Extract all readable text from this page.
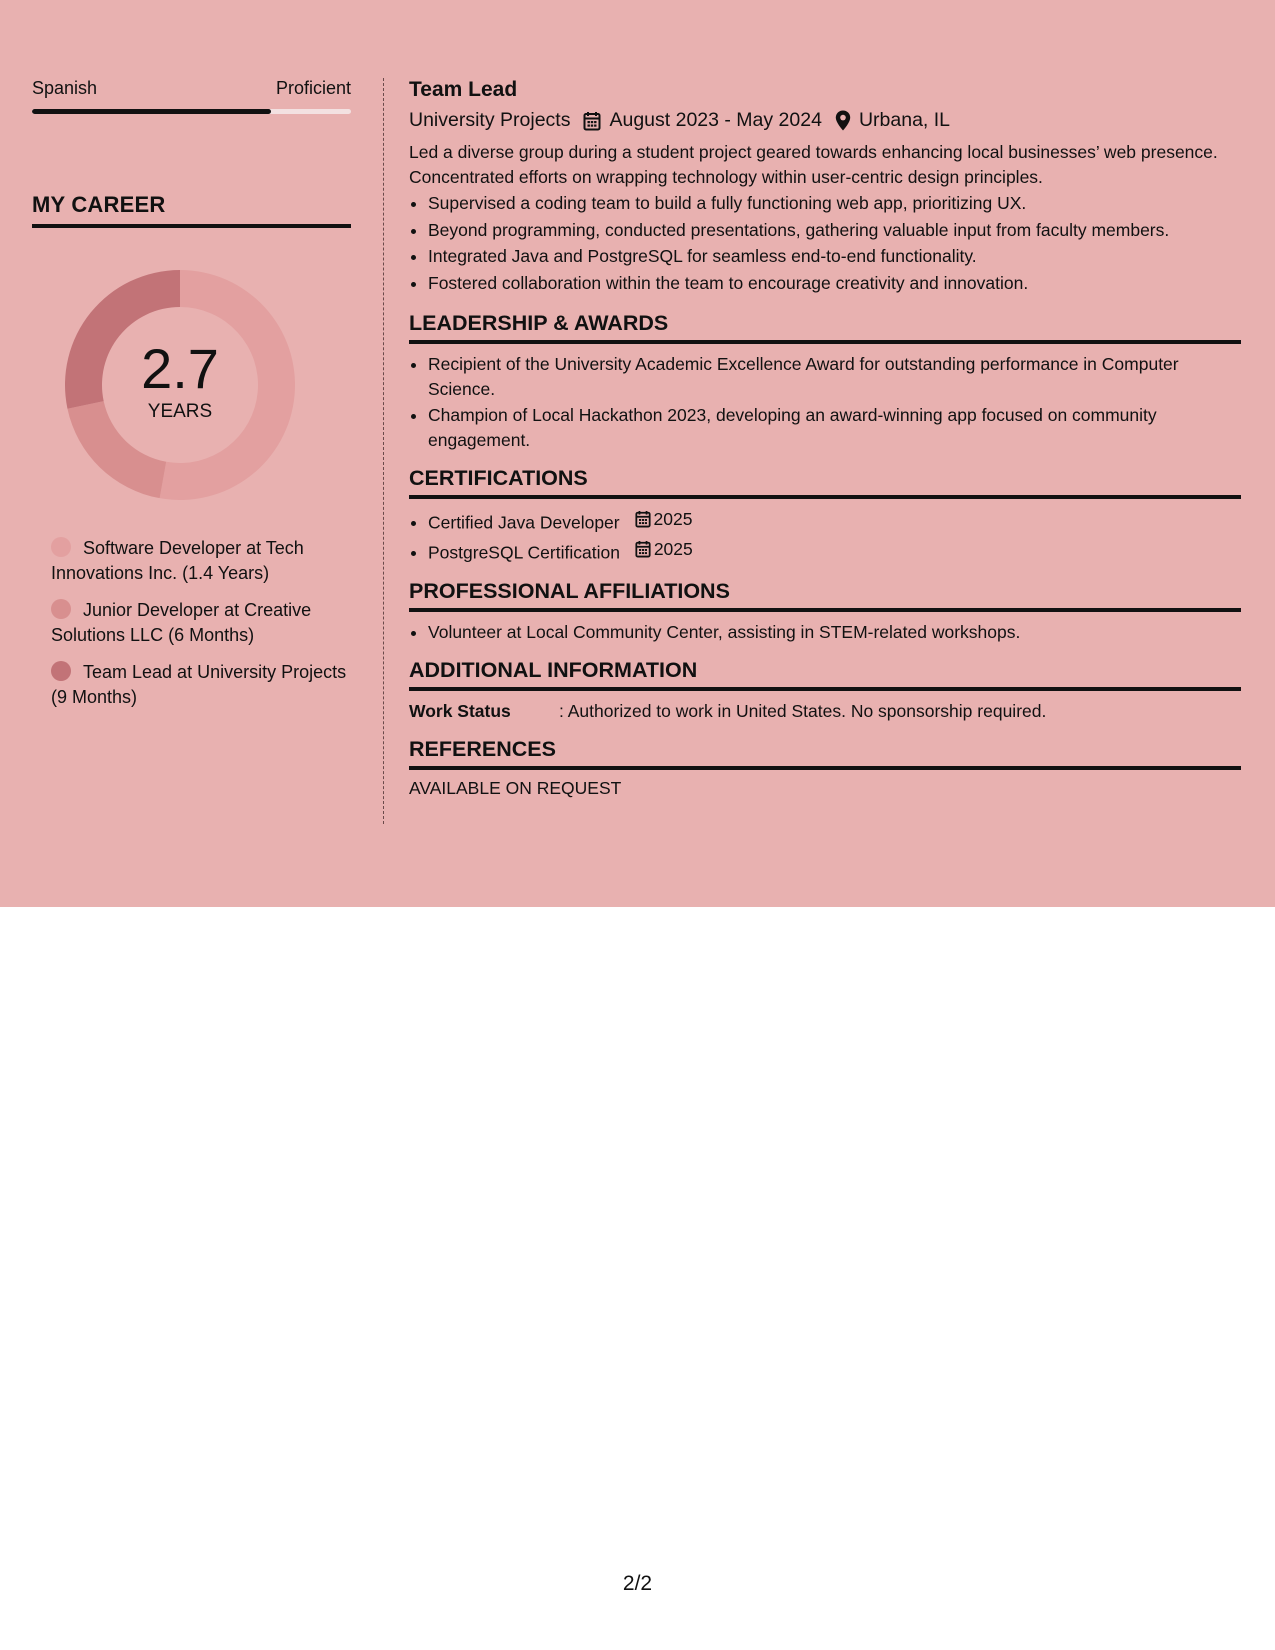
Spanish	Proficient
MY CAREER
2.7
YEARS
Software Developer at Tech Innovations Inc. (1.4 Years)
Junior Developer at Creative Solutions LLC (6 Months)
Team Lead at University Projects (9 Months)
Team Lead
University Projects August 2023 - May 2024 Urbana, IL
Led a diverse group during a student project geared towards enhancing local businesses’ web presence. Concentrated efforts on wrapping technology within user-centric design principles.
• Supervised a coding team to build a fully functioning web app, prioritizing UX.
• Beyond programming, conducted presentations, gathering valuable input from faculty members.
• Integrated Java and PostgreSQL for seamless end-to-end functionality.
• Fostered collaboration within the team to encourage creativity and innovation.
LEADERSHIP & AWARDS
• Recipient of the University Academic Excellence Award for outstanding performance in Computer Science.
• Champion of Local Hackathon 2023, developing an award-winning app focused on community engagement.
CERTIFICATIONS
• Certified Java Developer 2025
• PostgreSQL Certification 2025
PROFESSIONAL AFFILIATIONS
• Volunteer at Local Community Center, assisting in STEM-related workshops.
ADDITIONAL INFORMATION
Work Status	: Authorized to work in United States. No sponsorship required.
REFERENCES
AVAILABLE ON REQUEST
2/2
